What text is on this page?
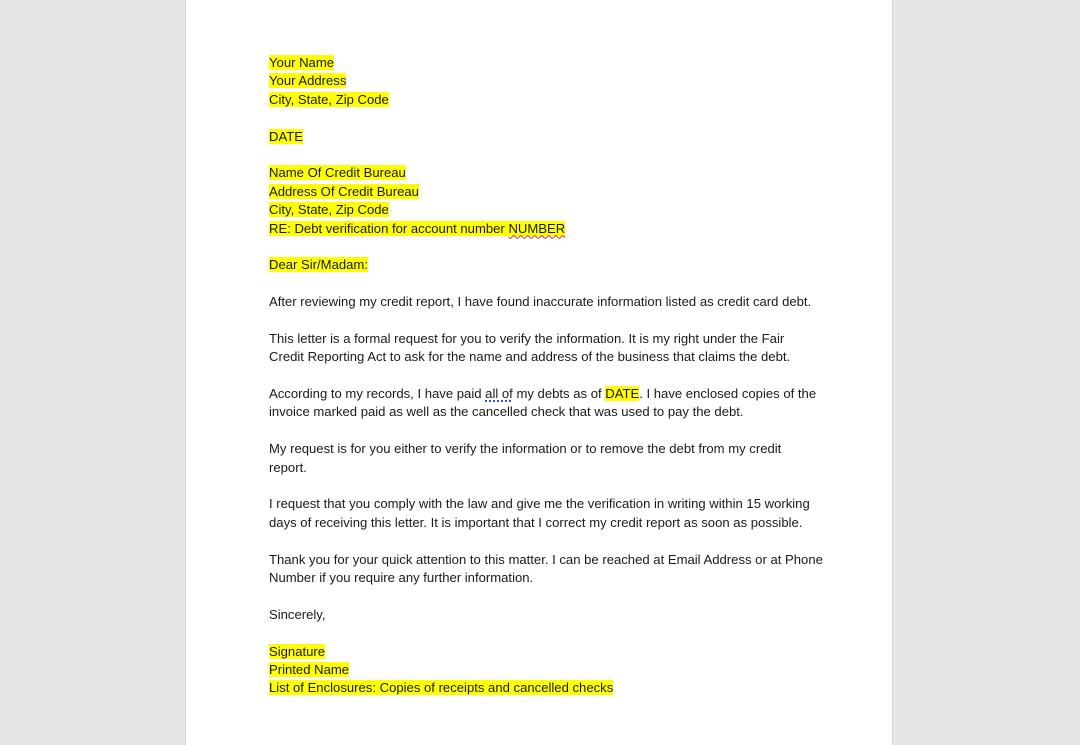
Your Name
Your Address
City, State, Zip Code
DATE
Name Of Credit Bureau
Address Of Credit Bureau
City, State, Zip Code
RE: Debt verification for account number NUMBER
Dear Sir/Madam:
After reviewing my credit report, I have found inaccurate information listed as credit card debt.
This letter is a formal request for you to verify the information. It is my right under the Fair
Credit Reporting Act to ask for the name and address of the business that claims the debt.
According to my records, I have paid all of my debts as of DATE. I have enclosed copies of the
invoice marked paid as well as the cancelled check that was used to pay the debt.
My request is for you either to verify the information or to remove the debt from my credit
report.
I request that you comply with the law and give me the verification in writing within 15 working
days of receiving this letter. It is important that I correct my credit report as soon as possible.
Thank you for your quick attention to this matter. I can be reached at Email Address or at Phone
Number if you require any further information.
Sincerely,
Signature
Printed Name
List of Enclosures: Copies of receipts and cancelled checks
